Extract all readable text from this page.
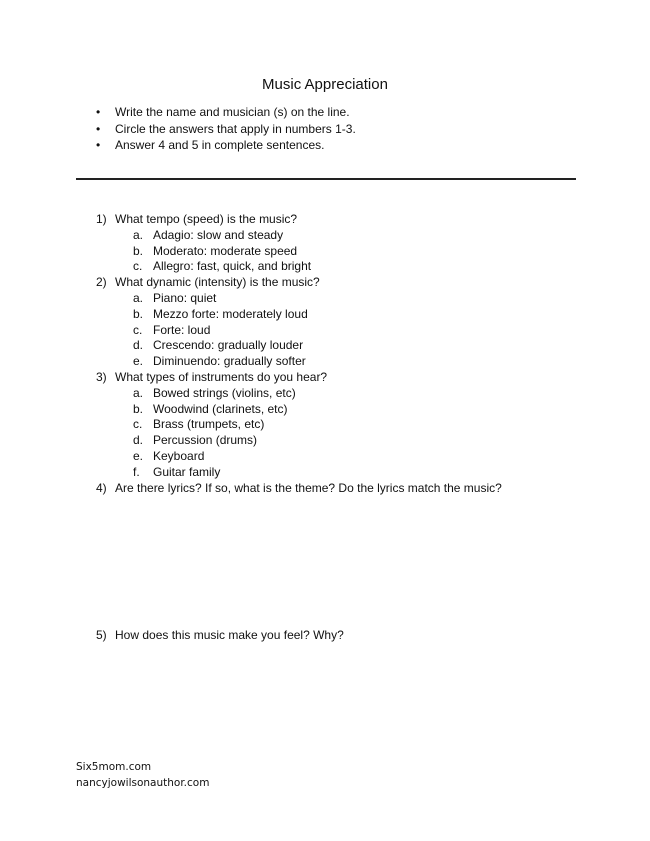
Music Appreciation
• Write the name and musician (s) on the line.
• Circle the answers that apply in numbers 1-3.
• Answer 4 and 5 in complete sentences.
1) What tempo (speed) is the music?
a. Adagio: slow and steady
b. Moderato: moderate speed
c. Allegro: fast, quick, and bright
2) What dynamic (intensity) is the music?
a. Piano: quiet
b. Mezzo forte: moderately loud
c. Forte: loud
d. Crescendo: gradually louder
e. Diminuendo: gradually softer
3) What types of instruments do you hear?
a. Bowed strings (violins, etc)
b. Woodwind (clarinets, etc)
c. Brass (trumpets, etc)
d. Percussion (drums)
e. Keyboard
f. Guitar family
4) Are there lyrics? If so, what is the theme? Do the lyrics match the music?
5) How does this music make you feel? Why?
Six5mom.com
nancyjowilsonauthor.com
